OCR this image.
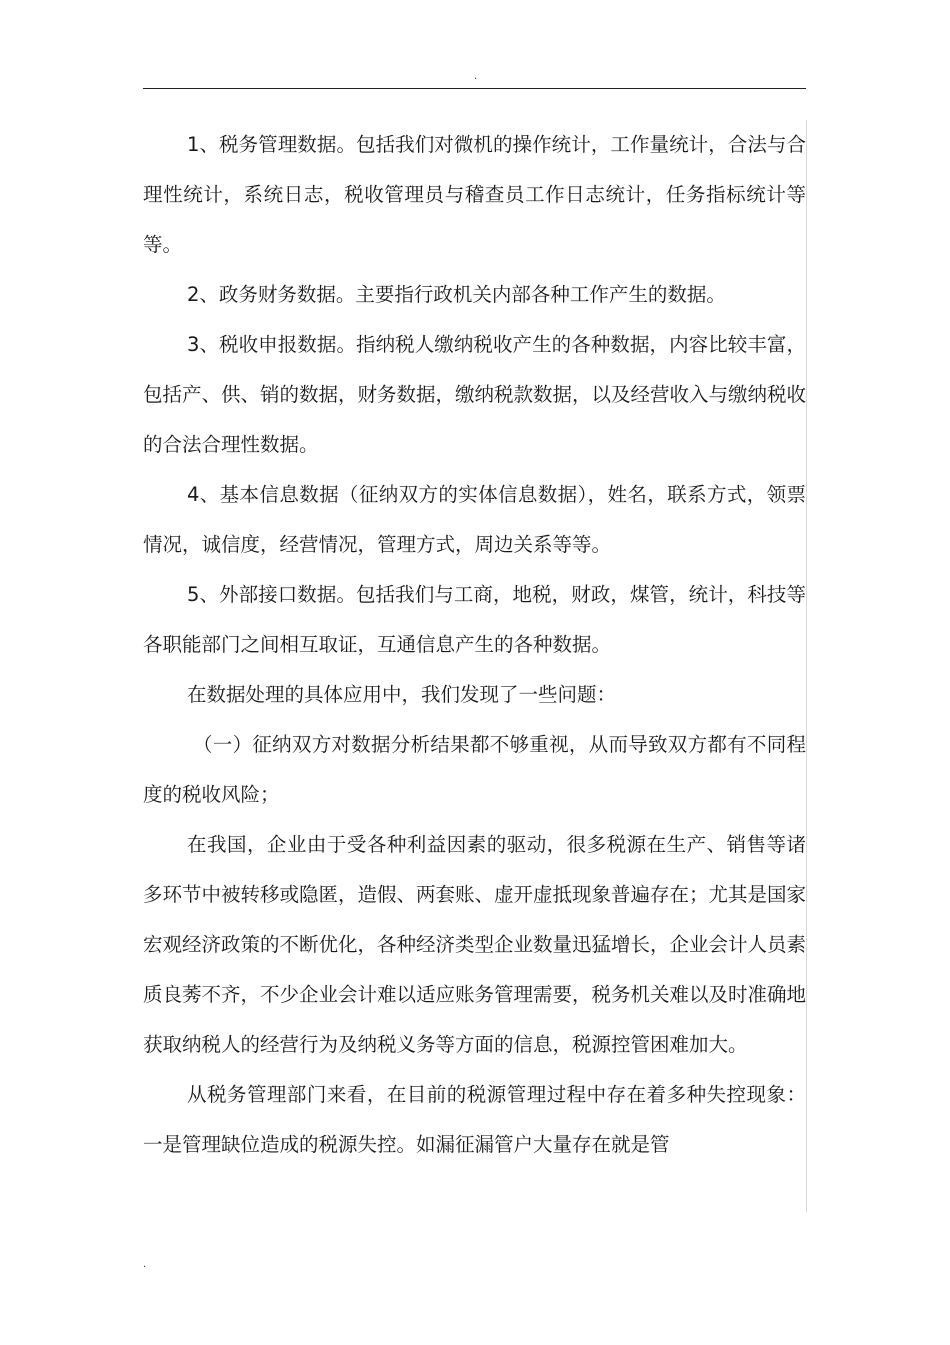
.

1、税务管理数据。包括我们对微机的操作统计，工作量统计，合法与合理性统计，系统日志，税收管理员与稽查员工作日志统计，任务指标统计等等。

2、政务财务数据。主要指行政机关内部各种工作产生的数据。

3、税收申报数据。指纳税人缴纳税收产生的各种数据，内容比较丰富，包括产、供、销的数据，财务数据，缴纳税款数据，以及经营收入与缴纳税收的合法合理性数据。

4、基本信息数据（征纳双方的实体信息数据），姓名，联系方式，领票情况，诚信度，经营情况，管理方式，周边关系等等。

5、外部接口数据。包括我们与工商，地税，财政，煤管，统计，科技等各职能部门之间相互取证，互通信息产生的各种数据。

在数据处理的具体应用中，我们发现了一些问题：

（一）征纳双方对数据分析结果都不够重视，从而导致双方都有不同程度的税收风险；

在我国，企业由于受各种利益因素的驱动，很多税源在生产、销售等诸多环节中被转移或隐匿，造假、两套账、虚开虚抵现象普遍存在；尤其是国家宏观经济政策的不断优化，各种经济类型企业数量迅猛增长，企业会计人员素质良莠不齐，不少企业会计难以适应账务管理需要，税务机关难以及时准确地获取纳税人的经营行为及纳税义务等方面的信息，税源控管困难加大。

从税务管理部门来看，在目前的税源管理过程中存在着多种失控现象：一是管理缺位造成的税源失控。如漏征漏管户大量存在就是管

.
